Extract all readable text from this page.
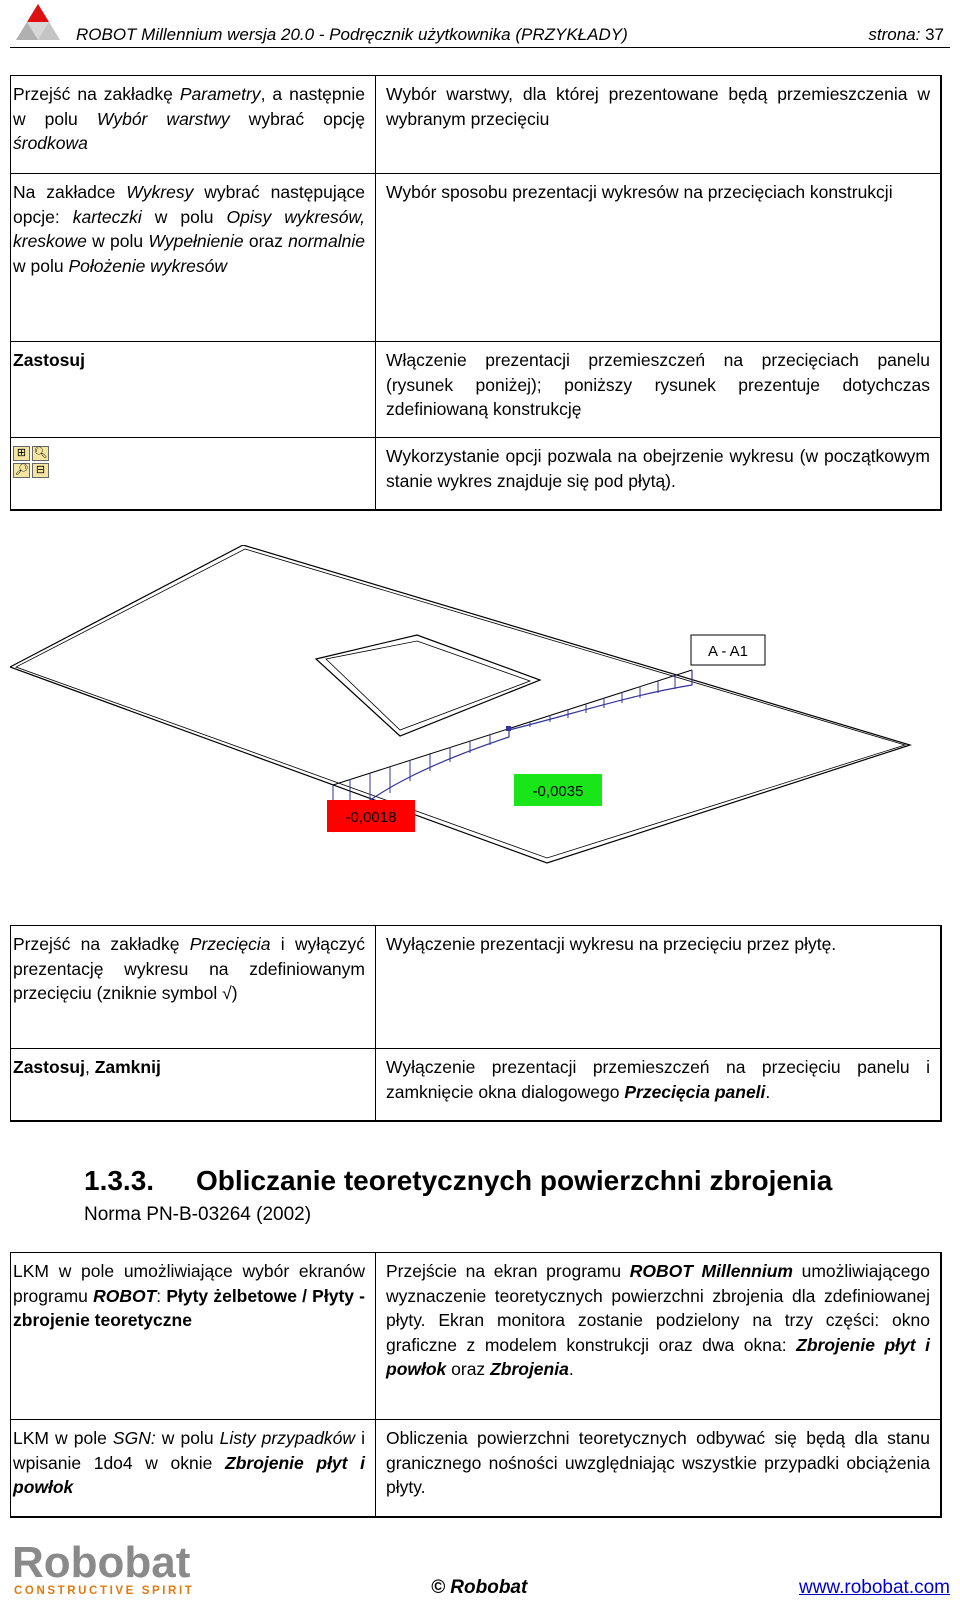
ROBOT Millennium wersja 20.0 - Podręcznik użytkownika (PRZYKŁADY)	strona: 37
Przejść na zakładkę Parametry, a następnie w polu Wybór warstwy wybrać opcję środkowa	Wybór warstwy, dla której prezentowane będą przemieszczenia w wybranym przecięciu
Na zakładce Wykresy wybrać następujące opcje: karteczki w polu Opisy wykresów, kreskowe w polu Wypełnienie oraz normalnie w polu Położenie wykresów	Wybór sposobu prezentacji wykresów na przecięciach konstrukcji
Zastosuj	Włączenie prezentacji przemieszczeń na przecięciach panelu (rysunek poniżej); poniższy rysunek prezentuje dotychczas zdefiniowaną konstrukcję

⊞ 🔍︎
🔎︎ ⊟	Wykorzystanie opcji pozwala na obejrzenie wykresu (w początkowym stanie wykres znajduje się pod płytą).
A - A1
-0,0035
-0,0018
Przejść na zakładkę Przecięcia i wyłączyć prezentację wykresu na zdefiniowanym przecięciu (zniknie symbol √)	Wyłączenie prezentacji wykresu na przecięciu przez płytę.
Zastosuj, Zamknij	Wyłączenie prezentacji przemieszczeń na przecięciu panelu i zamknięcie okna dialogowego Przecięcia paneli.
1.3.3. Obliczanie teoretycznych powierzchni zbrojenia
Norma PN-B-03264 (2002)
LKM w pole umożliwiające wybór ekranów programu ROBOT: Płyty żelbetowe / Płyty - zbrojenie teoretyczne	Przejście na ekran programu ROBOT Millennium umożliwiającego wyznaczenie teoretycznych powierzchni zbrojenia dla zdefiniowanej płyty. Ekran monitora zostanie podzielony na trzy części: okno graficzne z modelem konstrukcji oraz dwa okna: Zbrojenie płyt i powłok oraz Zbrojenia.
LKM w pole SGN: w polu Listy przypadków i wpisanie 1do4 w oknie Zbrojenie płyt i powłok	Obliczenia powierzchni teoretycznych odbywać się będą dla stanu granicznego nośności uwzględniając wszystkie przypadki obciążenia płyty.
Robobat
CONSTRUCTIVE SPIRIT	© Robobat	www.robobat.com
